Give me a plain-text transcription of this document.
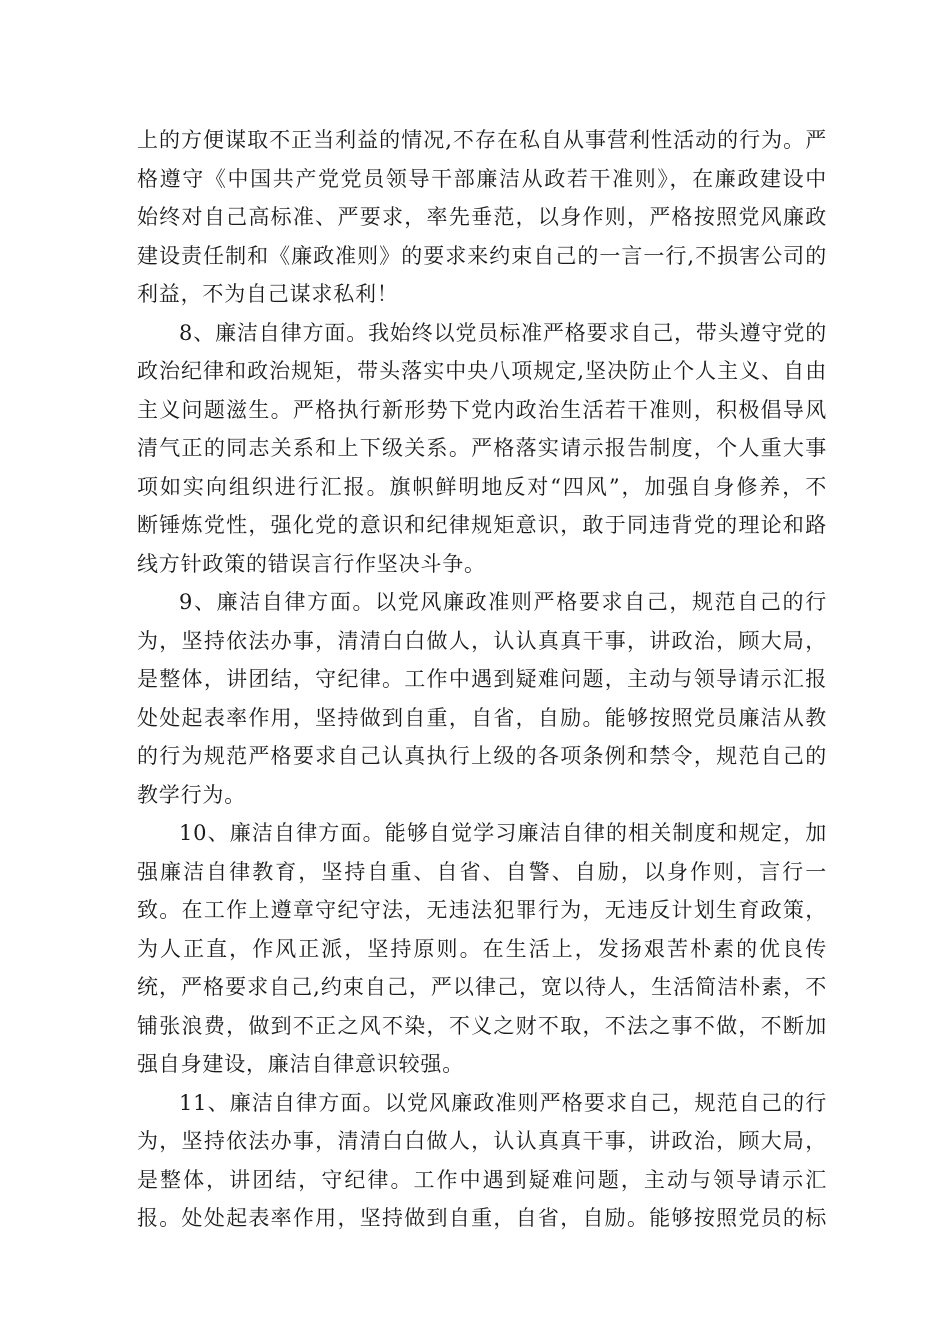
上的方便谋取不正当利益的情况,不存在私自从事营利性活动的行为。严
格遵守《中国共产党党员领导干部廉洁从政若干准则》，在廉政建设中
始终对自己高标准、严要求，率先垂范，以身作则，严格按照党风廉政
建设责任制和《廉政准则》的要求来约束自己的一言一行,不损害公司的
利益，不为自己谋求私利！
8、廉洁自律方面。我始终以党员标准严格要求自己，带头遵守党的
政治纪律和政治规矩，带头落实中央八项规定,坚决防止个人主义、自由
主义问题滋生。严格执行新形势下党内政治生活若干准则，积极倡导风
清气正的同志关系和上下级关系。严格落实请示报告制度，个人重大事
项如实向组织进行汇报。旗帜鲜明地反对“四风”，加强自身修养，不
断锤炼党性，强化党的意识和纪律规矩意识，敢于同违背党的理论和路
线方针政策的错误言行作坚决斗争。
9、廉洁自律方面。以党风廉政准则严格要求自己，规范自己的行
为，坚持依法办事，清清白白做人，认认真真干事，讲政治，顾大局，
是整体，讲团结，守纪律。工作中遇到疑难问题，主动与领导请示汇报
处处起表率作用，坚持做到自重，自省，自励。能够按照党员廉洁从教
的行为规范严格要求自己认真执行上级的各项条例和禁令，规范自己的
教学行为。
10、廉洁自律方面。能够自觉学习廉洁自律的相关制度和规定，加
强廉洁自律教育，坚持自重、自省、自警、自励，以身作则，言行一
致。在工作上遵章守纪守法，无违法犯罪行为，无违反计划生育政策，
为人正直，作风正派，坚持原则。在生活上，发扬艰苦朴素的优良传
统，严格要求自己,约束自己，严以律己，宽以待人，生活简洁朴素，不
铺张浪费，做到不正之风不染，不义之财不取，不法之事不做，不断加
强自身建设，廉洁自律意识较强。
11、廉洁自律方面。以党风廉政准则严格要求自己，规范自己的行
为，坚持依法办事，清清白白做人，认认真真干事，讲政治，顾大局，
是整体，讲团结，守纪律。工作中遇到疑难问题，主动与领导请示汇
报。处处起表率作用，坚持做到自重，自省，自励。能够按照党员的标
